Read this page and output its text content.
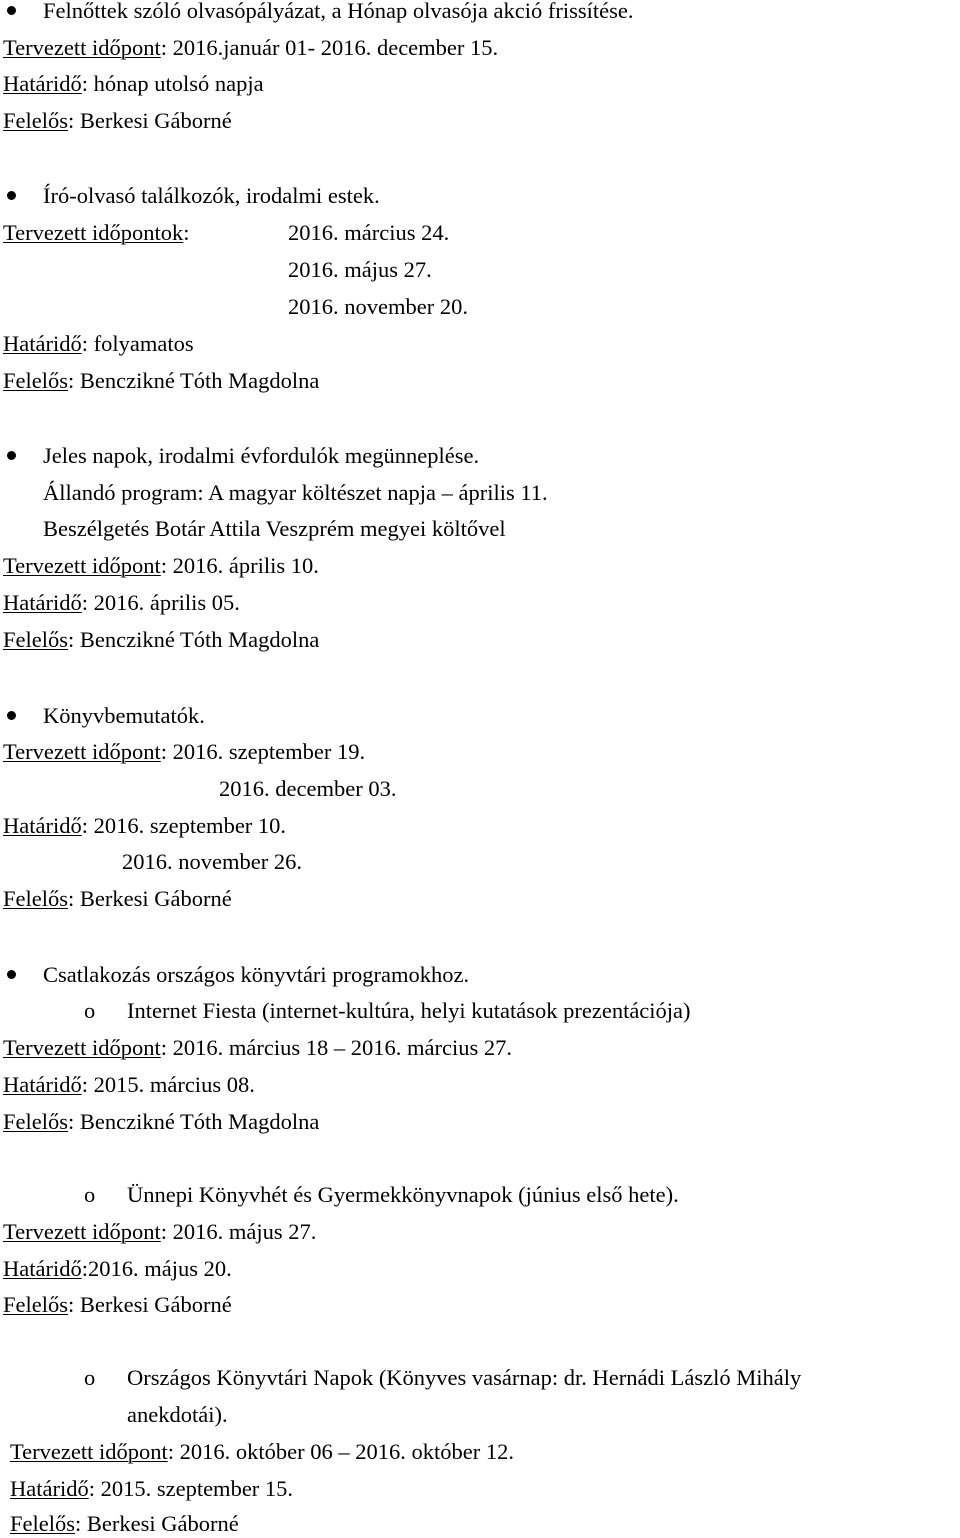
Felnőttek szóló olvasópályázat, a Hónap olvasója akció frissítése.
Tervezett időpont: 2016.január 01- 2016. december 15.
Határidő: hónap utolsó napja
Felelős: Berkesi Gáborné
Író-olvasó találkozók, irodalmi estek.
Tervezett időpontok:	2016. március 24.
2016. május 27.
2016. november 20.
Határidő: folyamatos
Felelős: Benczikné Tóth Magdolna
Jeles napok, irodalmi évfordulók megünneplése.
Állandó program: A magyar költészet napja – április 11.
Beszélgetés Botár Attila Veszprém megyei költővel
Tervezett időpont: 2016. április 10.
Határidő: 2016. április 05.
Felelős: Benczikné Tóth Magdolna
Könyvbemutatók.
Tervezett időpont: 2016. szeptember 19.
2016. december 03.
Határidő: 2016. szeptember 10.
2016. november 26.
Felelős: Berkesi Gáborné
Csatlakozás országos könyvtári programokhoz.
o Internet Fiesta (internet-kultúra, helyi kutatások prezentációja)
Tervezett időpont: 2016. március 18 – 2016. március 27.
Határidő: 2015. március 08.
Felelős: Benczikné Tóth Magdolna
o Ünnepi Könyvhét és Gyermekkönyvnapok (június első hete).
Tervezett időpont: 2016. május 27.
Határidő:2016. május 20.
Felelős: Berkesi Gáborné
o Országos Könyvtári Napok (Könyves vasárnap: dr. Hernádi László Mihály
anekdotái).
Tervezett időpont: 2016. október 06 – 2016. október 12.
Határidő: 2015. szeptember 15.
Felelős: Berkesi Gáborné
